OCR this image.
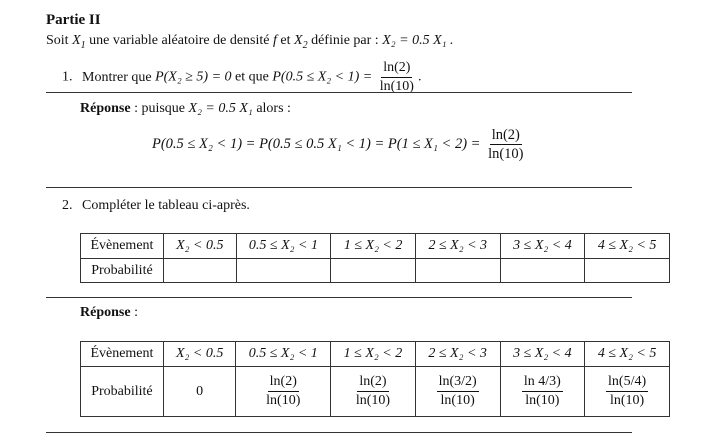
Partie II
Soit $X_1$ une variable aléatoire de densité f et $X_2$ définie par : X₂ = 0.5 X₁ .
1. Montrer que P(X₂ ≥ 5) = 0 et que $P(0.5 \le X_2 < 1) = \frac{\ln(2)}{\ln(10)}$ .
Réponse : puisque X₂ = 0.5 X₁ alors :
P(0.5 ≤ X₂ < 1) = P(0.5 ≤ 0.5 $X_1 < 1) = P(1 \le X_1 < 2) = \frac{\ln(2)}{\ln(10)}$
2. Compléter le tableau ci-après.
Évènement	X₂ < 0.5	0.5 ≤ X₂ < 1	1 ≤ X₂ < 2	2 ≤ X₂ < 3	3 ≤ X₂ < 4	4 ≤ X₂ < 5
Probabilité						
Réponse :
Évènement	X₂ < 0.5	0.5 ≤ X₂ < 1	1 ≤ X₂ < 2	2 ≤ X₂ < 3	3 ≤ X₂ < 4	4 ≤ X₂ < 5
Probabilité	0	$\frac{\ln(2)}{\ln(10)}$	$\frac{\ln(2)}{\ln(10)}$	$\frac{\ln(3/2)}{\ln(10)}$	$\frac{\ln 4/3)}{\ln(10)}$	$\frac{\ln(5/4)}{\ln(10)}$
